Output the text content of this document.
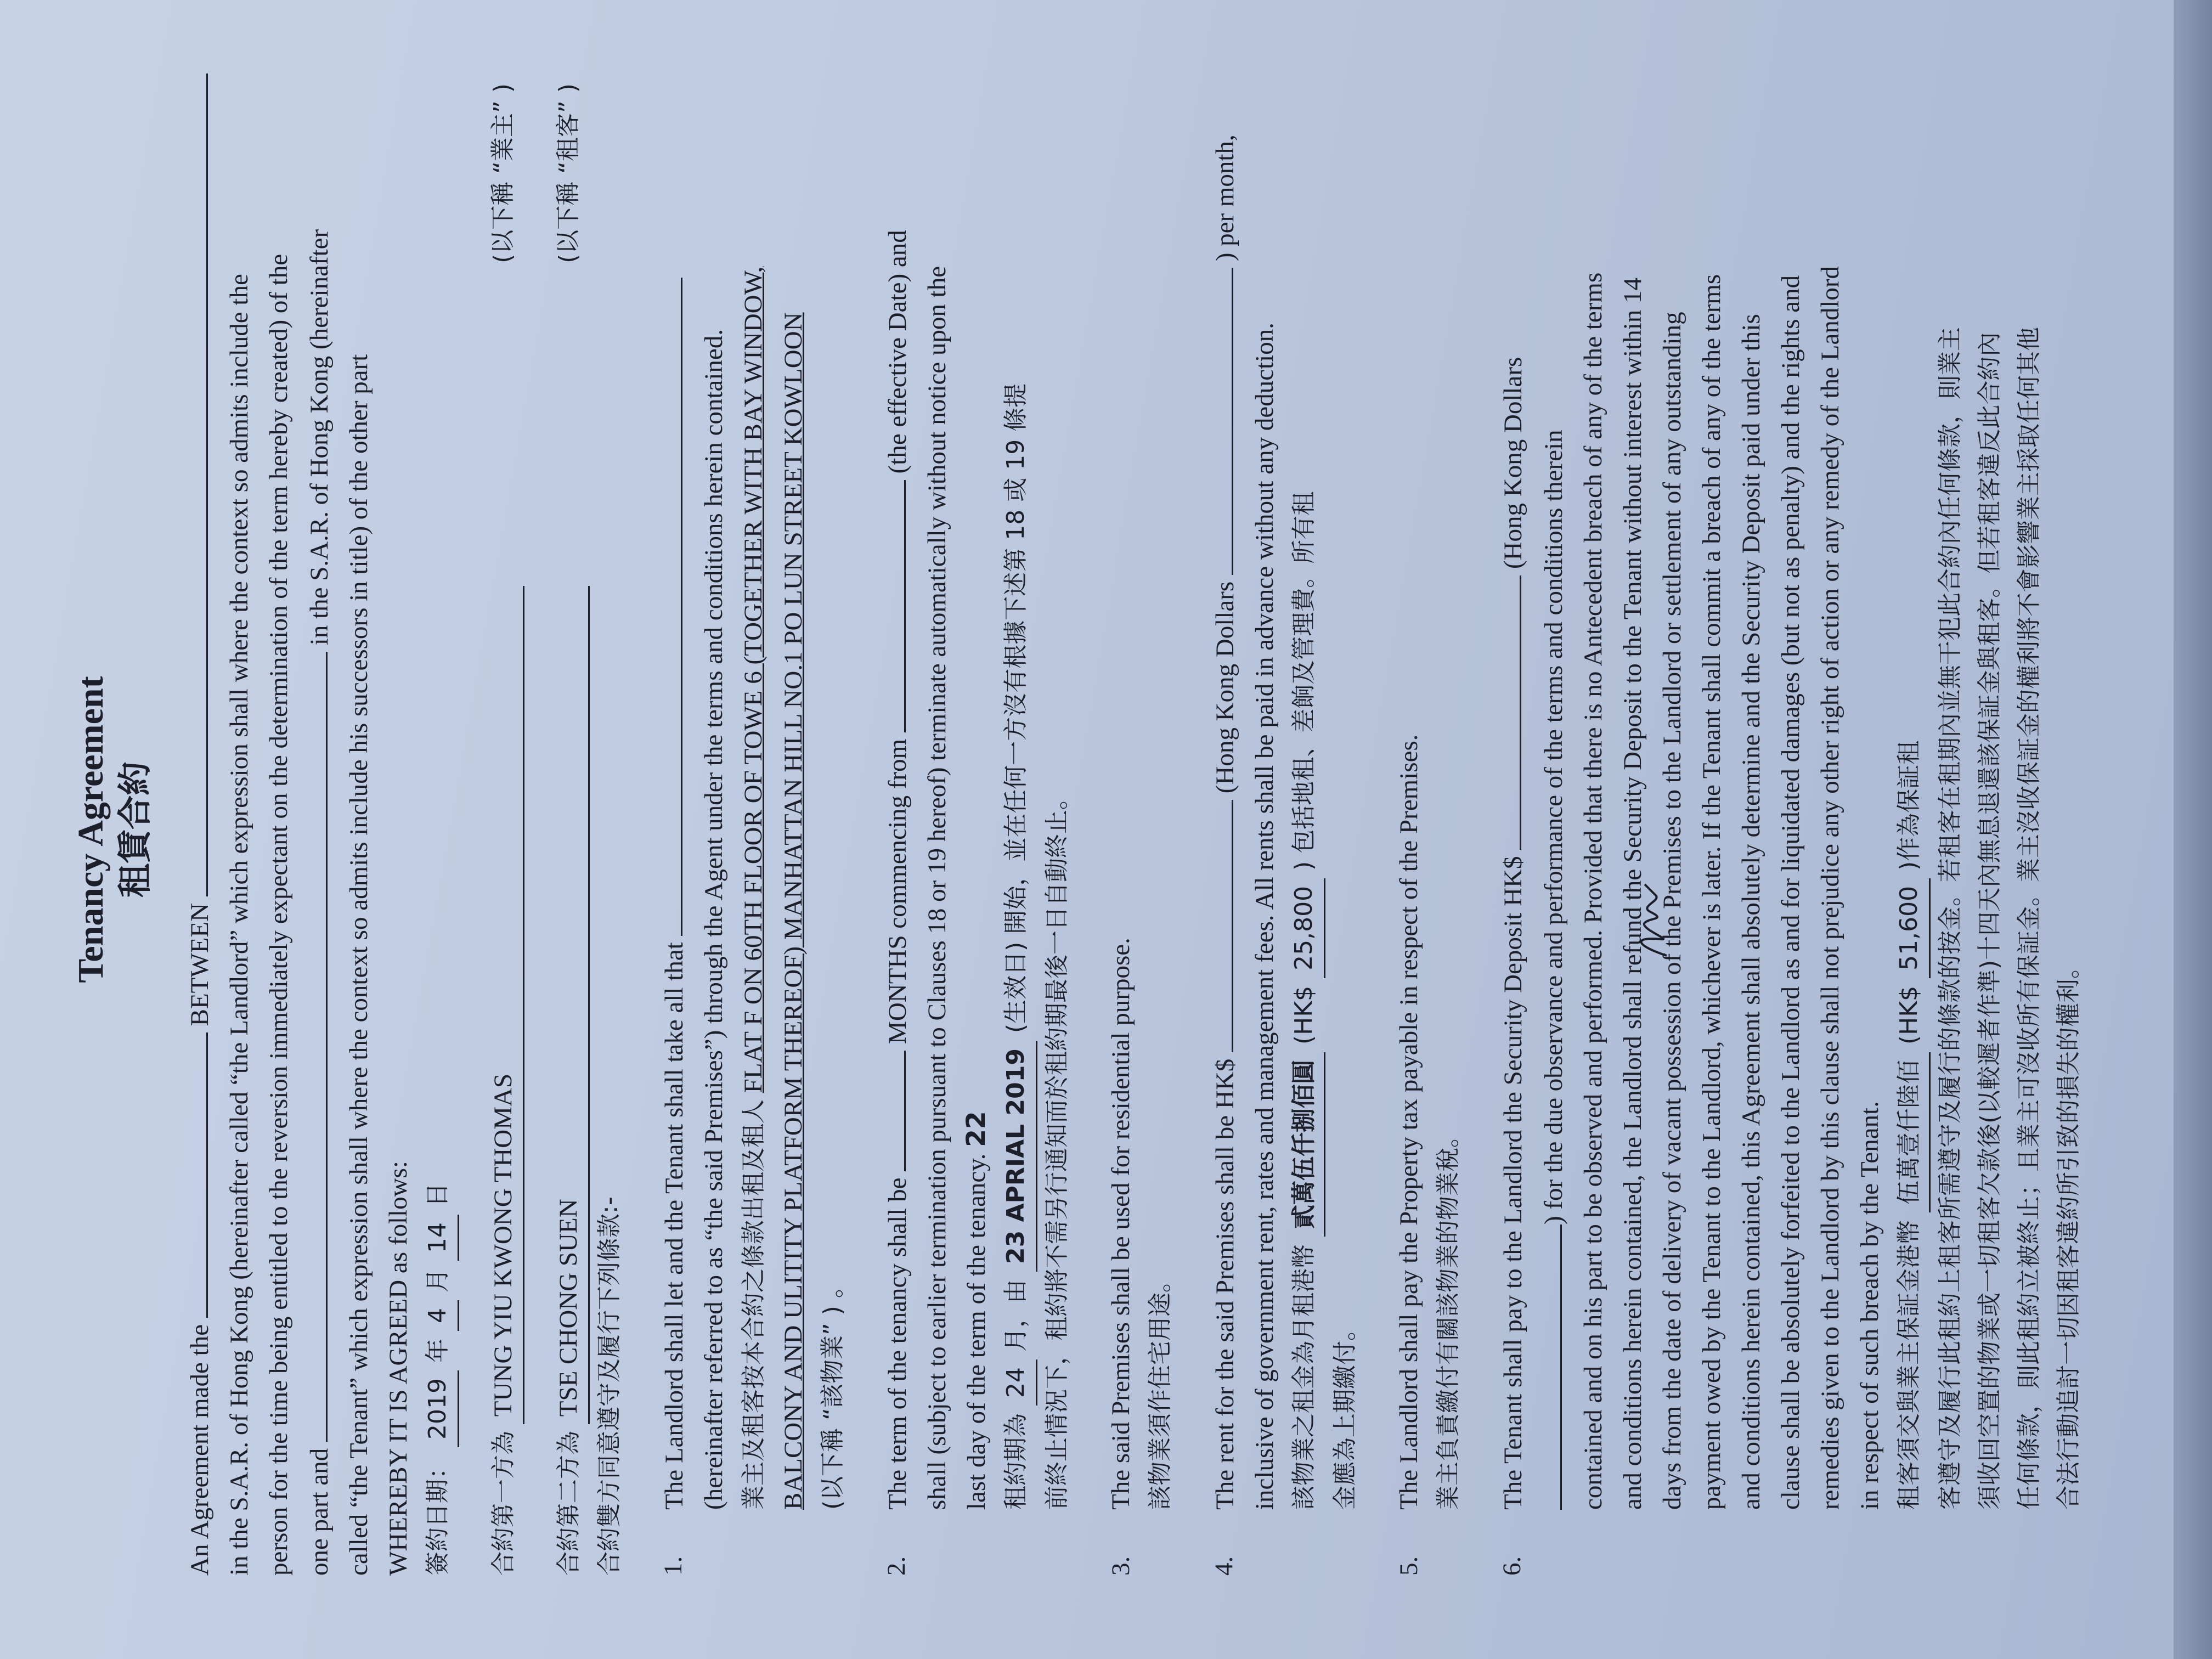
Tenancy Agreement 租賃合約
An Agreement made the  BETWEEN in the S.A.R. of Hong Kong (hereinafter called “the Landlord” which expression shall where the context so admits include the person for the time being entitled to the reversion immediately expectant on the determination of the term hereby created) of the one part and  in the S.A.R. of Hong Kong (hereinafter called “the Tenant” which expression shall where the context so admits include his successors in title) of the other part WHEREBY IT IS AGREED as follows: 簽約日期： 2019 年 4 月 14 日
合約第一方為 TUNG YIU KWONG THOMAS
(以下稱 “業主” )
合約第二方為 TSE CHONG SUEN
(以下稱 “租客” )
合約雙方同意遵守及履行下列條款:- 1.
The Landlord shall let and the Tenant shall take all that (hereinafter referred to as “the said Premises”) through the Agent under the terms and conditions herein contained. 業主及租客按本合約之條款出租及租人 FLAT F ON 60TH FLOOR OF TOWE 6 (TOGETHER WITH BAY WINDOW, BALCONY AND ULITITY PLATFORM THEREOF) MANHATTAN HILL NO.1 PO LUN STREET KOWLOON (以下稱 “該物業” ) 。
2.
The term of the tenancy shall be  MONTHS commencing from  (the effective Date) and shall (subject to earlier termination pursuant to Clauses 18 or 19 hereof) terminate automatically without notice upon the last day of the term of the tenancy. 22
租約期為 24 月，由 23 APRIAL 2019 (生效日) 開始，並在任何一方沒有根據下述第 18 或 19 條提
前終止情況下，租約將不需另行通知而於租約期最後一日自動終止。
3.
The said Premises shall be used for residential purpose. 該物業須作住宅用途。
4.
The rent for the said Premises shall be HK$  (Hong Kong Dollars  ) per month,
inclusive of government rent, rates and management fees. All rents shall be paid in advance without any deduction. 該物業之租金為月租港幣 貳萬伍仟捌佰圓 (HK$ 25,800 ) 包括地租、差餉及管理費。所有租
金應為上期繳付。
5.
The Landlord shall pay the Property tax payable in respect of the Premises. 業主負責繳付有關該物業的物業稅。
6.
The Tenant shall pay to the Landlord the Security Deposit HK$  (Hong Kong Dollars ) for the due observance and performance of the terms and conditions therein contained and on his part to be observed and performed. Provided that there is no Antecedent breach of any of the terms and conditions herein contained, the Landlord shall refund the Security Deposit to the Tenant without interest within 14 days from the date of delivery of vacant possession of the Premises to the Landlord or settlement of any outstanding payment owed by the Tenant to the Landlord, whichever is later. If the Tenant shall commit a breach of any of the terms and conditions herein contained, this Agreement shall absolutely determine and the Security Deposit paid under this clause shall be absolutely forfeited to the Landlord as and for liquidated damages (but not as penalty) and the rights and remedies given to the Landlord by this clause shall not prejudice any other right of action or any remedy of the Landlord in respect of such breach by the Tenant. 租客須交與業主保証金港幣 伍萬壹仟陸佰 (HK$ 51,600 )作為保証租 客遵守及履行此租約上租客所需遵守及履行的條款的按金。若租客在租期內並無干犯此合約內任何條款，則業主 須收回空置的物業或一切租客欠款後(以較遲者作準)十四天內無息退還該保証金與租客。但若租客違反此合約內 任何條款，則此租約立被終止；且業主可沒收所有保証金。業主沒收保証金的權利將不會影響業主採取任何其他 合法行動追討一切因租客違約所引致的損失的權利。
